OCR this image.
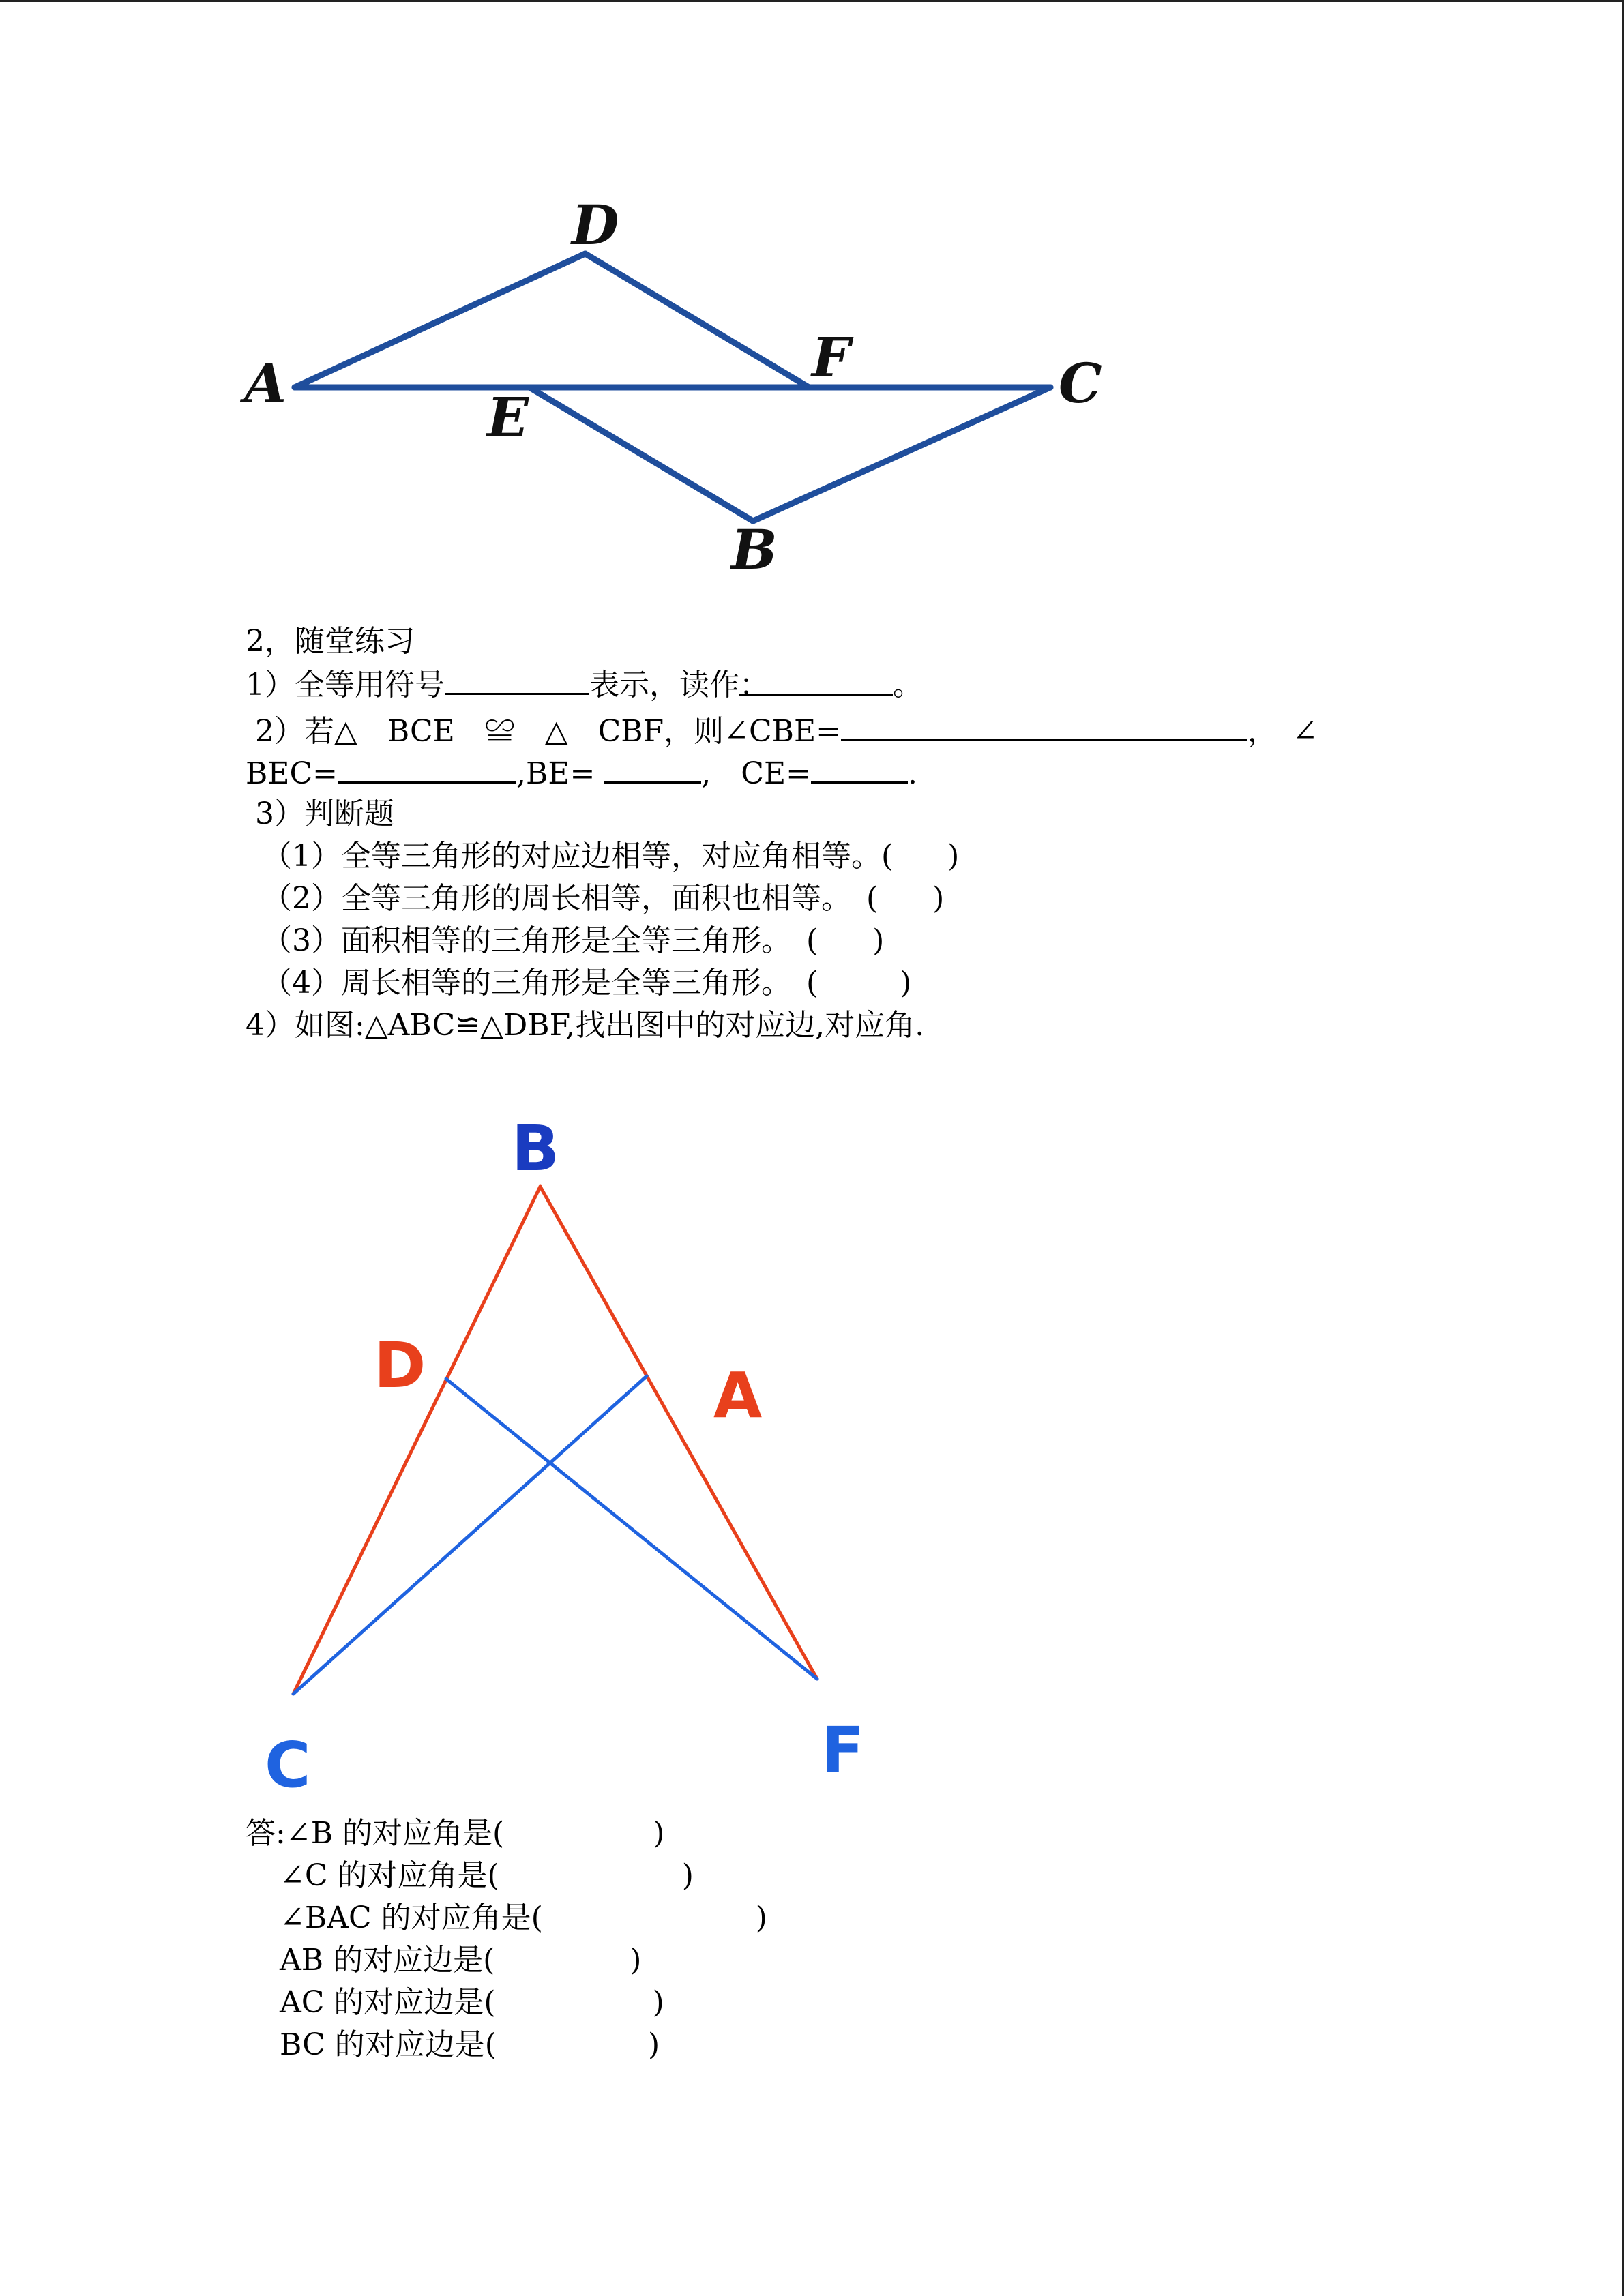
D
A	F	C
E
B
2，随堂练习
1）全等用符号	表示，读作：	。
2）若△　BCE　≌　△　CBF，则∠CBE=	，　∠
BEC=	,BE=	,　CE=	.
3）判断题
（1）全等三角形的对应边相等，对应角相等。( )
（2）全等三角形的周长相等，面积也相等。　( )
（3）面积相等的三角形是全等三角形。　( )
（4）周长相等的三角形是全等三角形。　(	)
4）如图:△ABC≌△DBF,找出图中的对应边,对应角.
B
D	A
C	F
答:∠B 的对应角是(	)
∠C 的对应角是(	)
∠BAC 的对应角是(	)
AB 的对应边是(	)
AC 的对应边是(	)
BC 的对应边是(	)
